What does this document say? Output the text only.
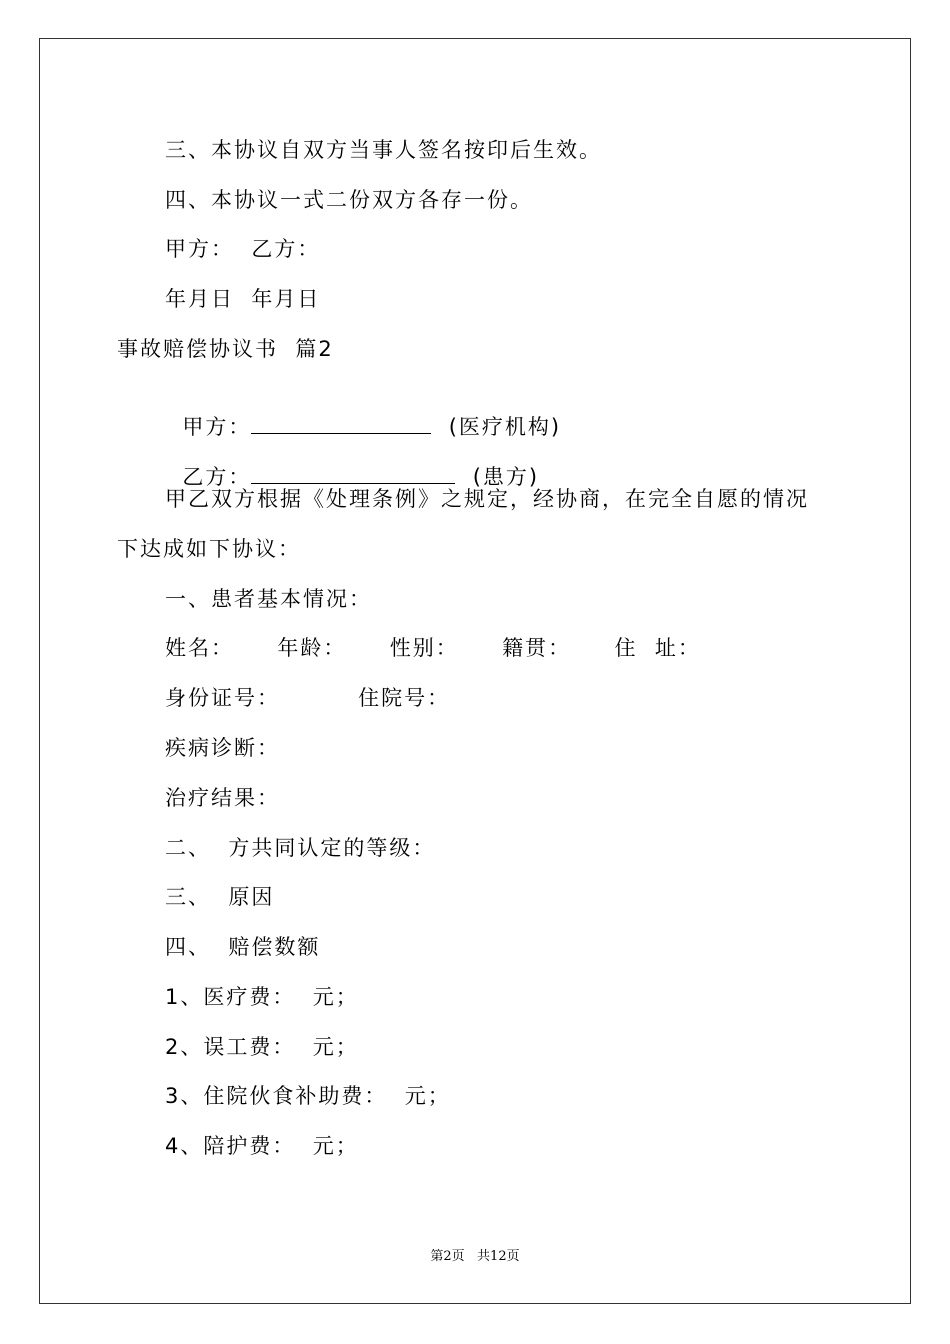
三、本协议自双方当事人签名按印后生效。
四、本协议一式二份双方各存一份。
甲方：  乙方：
年月日  年月日
事故赔偿协议书  篇2

甲方：	(医疗机构)

乙方：	(患方)

甲乙双方根据《处理条例》之规定，经协商，在完全自愿的情况
下达成如下协议：
一、患者基本情况：
姓名：     年龄：     性别：     籍贯：     住  址：
身份证号：         住院号：
疾病诊断：
治疗结果：
二、  方共同认定的等级：
三、  原因
四、  赔偿数额
1、医疗费：  元；
2、误工费：  元；
3、住院伙食补助费：  元；
4、陪护费：  元；
第2页   共12页
